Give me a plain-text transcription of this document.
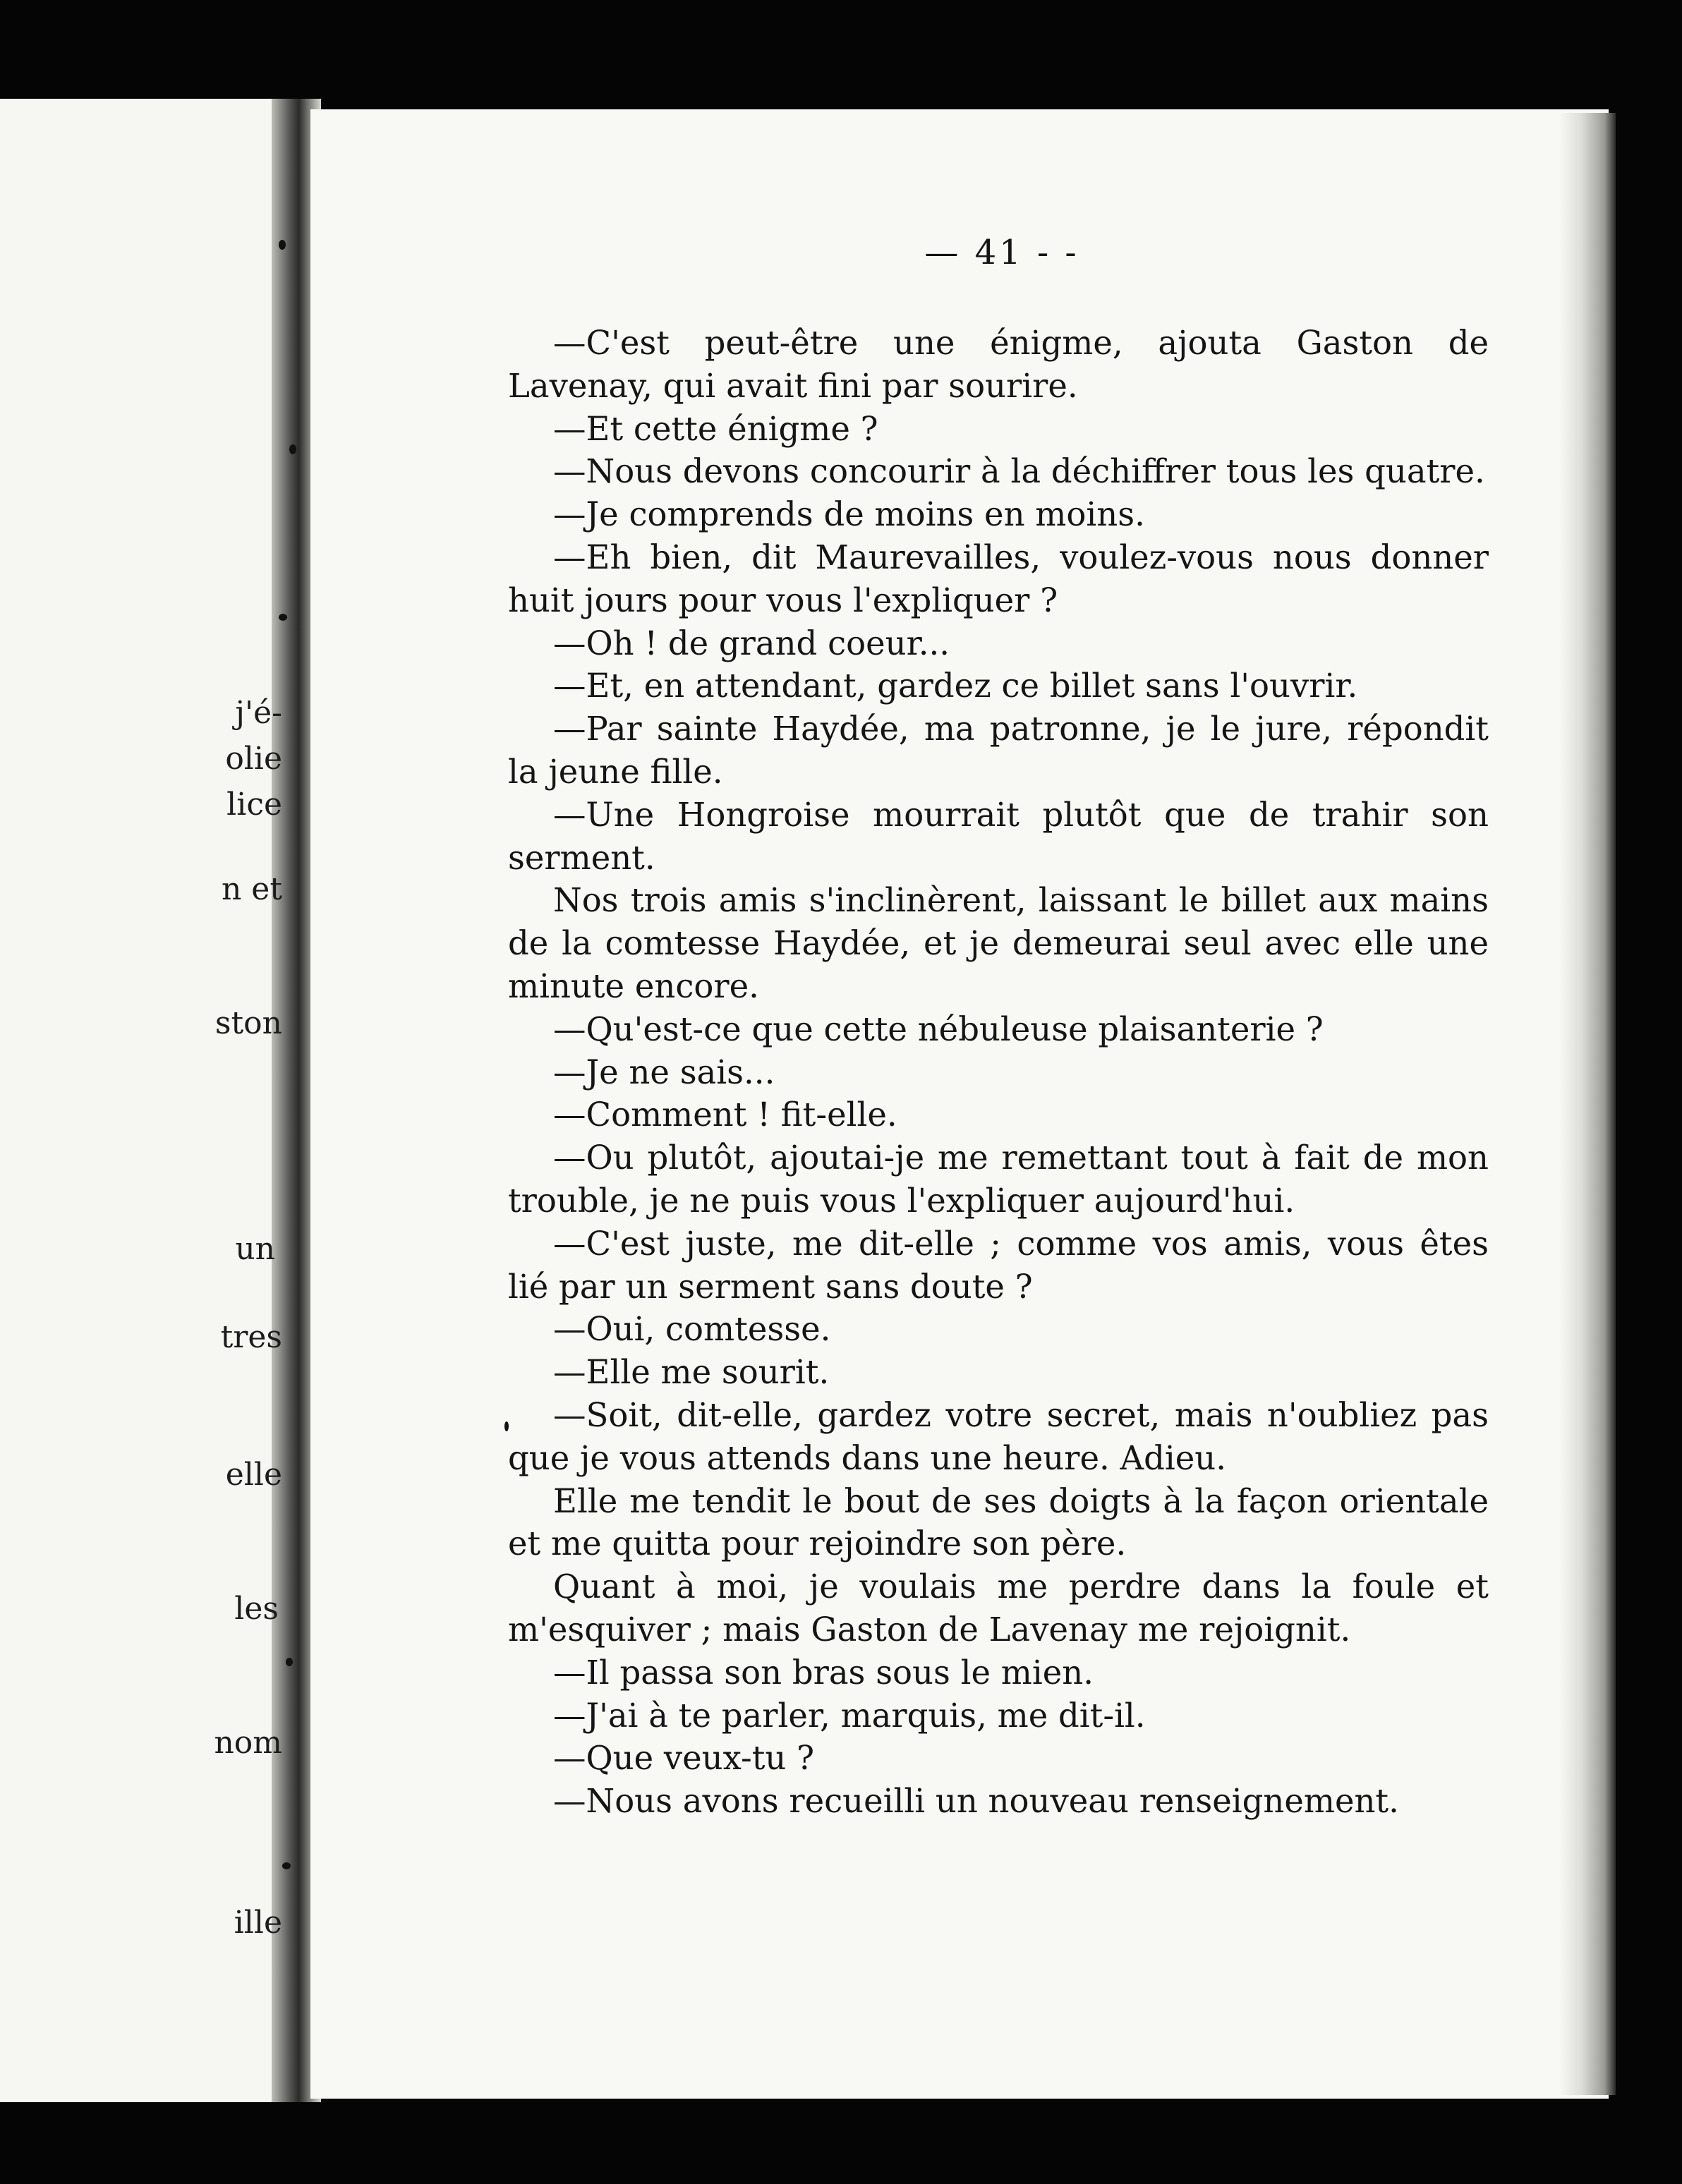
j'é-
olie
lice
n et
ston
un
tres
elle
les
nom
ille
— 41 - -

—C'est peut-être une énigme, ajouta Gaston de Lavenay, qui avait fini par sourire.

—Et cette énigme ?

—Nous devons concourir à la déchiffrer tous les quatre.

—Je comprends de moins en moins.

—Eh bien, dit Maurevailles, voulez-vous nous donner huit jours pour vous l'expliquer ?

—Oh ! de grand coeur...

—Et, en attendant, gardez ce billet sans l'ouvrir.

—Par sainte Haydée, ma patronne, je le jure, répondit la jeune fille.

—Une Hongroise mourrait plutôt que de trahir son serment.

Nos trois amis s'inclinèrent, laissant le billet aux mains de la comtesse Haydée, et je demeurai seul avec elle une minute encore.

—Qu'est-ce que cette nébuleuse plaisanterie ?

—Je ne sais...

—Comment ! fit-elle.

—Ou plutôt, ajoutai-je me remettant tout à fait de mon trouble, je ne puis vous l'expliquer aujourd'hui.

—C'est juste, me dit-elle ; comme vos amis, vous êtes lié par un serment sans doute ?

—Oui, comtesse.

—Elle me sourit.

—Soit, dit-elle, gardez votre secret, mais n'oubliez pas que je vous attends dans une heure. Adieu.

Elle me tendit le bout de ses doigts à la façon orientale et me quitta pour rejoindre son père.

Quant à moi, je voulais me perdre dans la foule et m'esquiver ; mais Gaston de Lavenay me rejoignit.

—Il passa son bras sous le mien.

—J'ai à te parler, marquis, me dit-il.

—Que veux-tu ?

—Nous avons recueilli un nouveau renseignement.
